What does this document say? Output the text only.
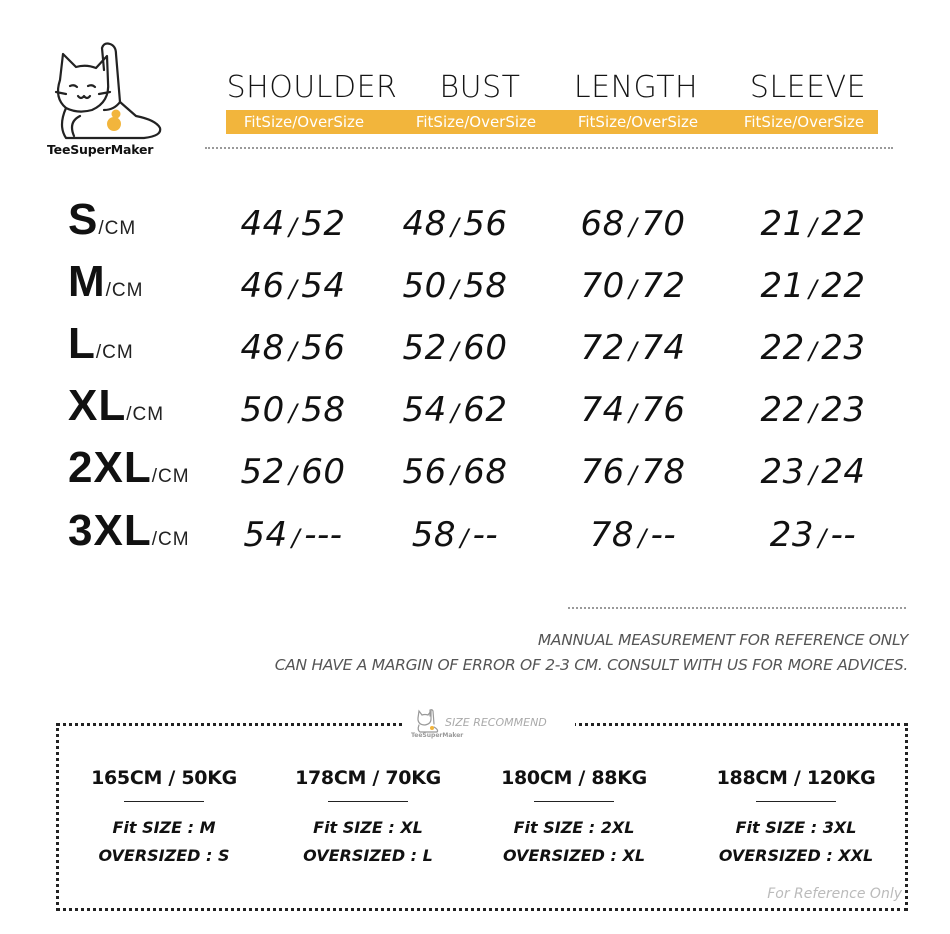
TeeSuperMaker
SHOULDER	BUST	LENGTH	SLEEVE
FitSize/OverSize	FitSize/OverSize	FitSize/OverSize	FitSize/OverSize
S/CM	44 / 52	48 / 56	68 / 70	21 / 22
M/CM	46 / 54	50 / 58	70 / 72	21 / 22
L/CM	48 / 56	52 / 60	72 / 74	22 / 23
XL/CM	50 / 58	54 / 62	74 / 76	22 / 23
2XL/CM	52 / 60	56 / 68	76 / 78	23 / 24
3XL/CM	54 / ---	58 / --	78 / --	23 / --
MANNUAL MEASUREMENT FOR REFERENCE ONLY
CAN HAVE A MARGIN OF ERROR OF 2-3 CM. CONSULT WITH US FOR MORE ADVICES.
TeeSuperMaker
SIZE RECOMMEND
165CM / 50KG
Fit SIZE : M
OVERSIZED : S
178CM / 70KG
Fit SIZE : XL
OVERSIZED : L
180CM / 88KG
Fit SIZE : 2XL
OVERSIZED : XL
188CM / 120KG
Fit SIZE : 3XL
OVERSIZED : XXL
For Reference Only
